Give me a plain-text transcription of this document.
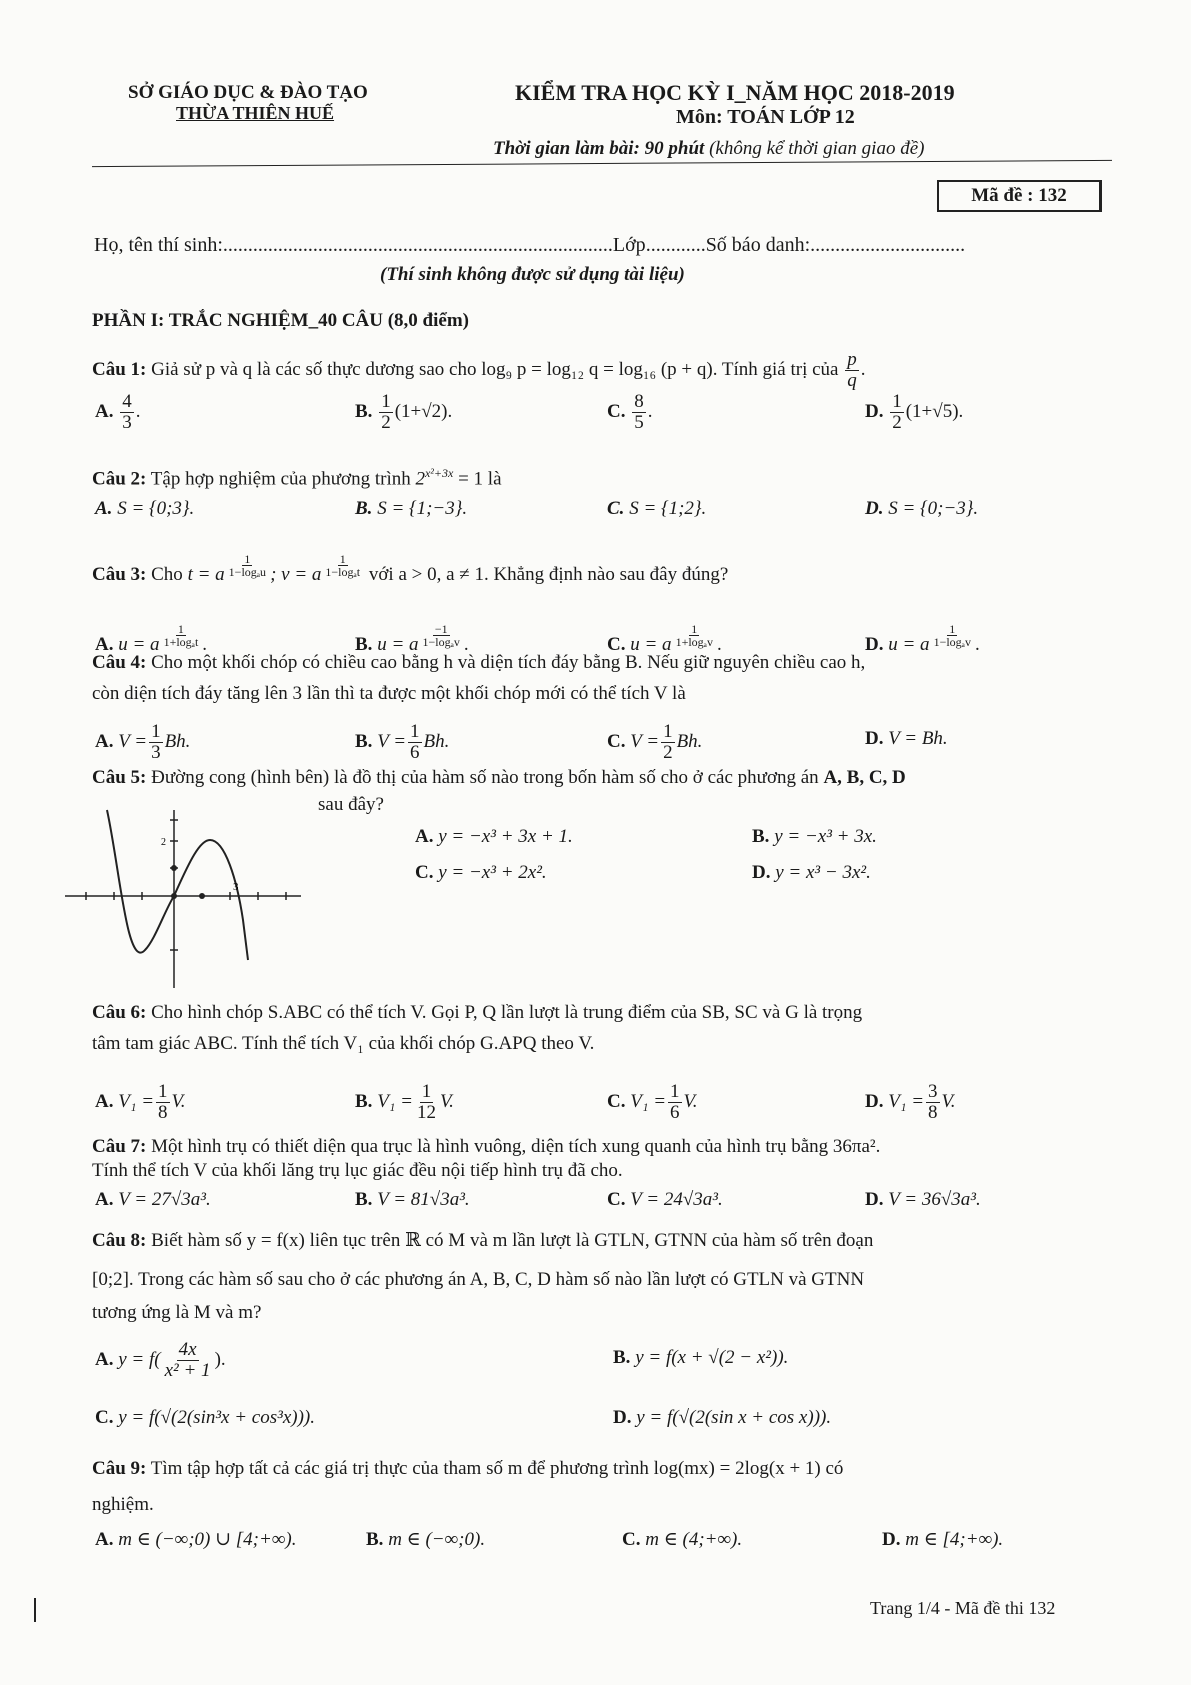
SỞ GIÁO DỤC & ĐÀO TẠO
THỪA THIÊN HUẾ
KIỂM TRA HỌC KỲ I_NĂM HỌC 2018-2019
Môn: TOÁN LỚP 12
Thời gian làm bài: 90 phút (không kể thời gian giao đề)
Mã đề : 132
Họ, tên thí sinh:..............................................................................Lớp............Số báo danh:...............................
(Thí sinh không được sử dụng tài liệu)
PHẦN I: TRẮC NGHIỆM_40 CÂU (8,0 điểm)
Câu 1: Giả sử p và q là các số thực dương sao cho log₉ p = log₁₂ q = log₁₆ (p + q). Tính giá trị của $\frac{p}{q}$ .
A. $\frac{4}{3}$ .	B. $\frac{1}{2} (1+√2)$.	C. $\frac{8}{5}$ .	D. $\frac{1}{2} (1+√5)$.
Câu 2: Tập hợp nghiệm của phương trình $2^{x^2+3x} = 1$ là
A. S = {0;3}.	B. S = {1;−3}.	C. S = {1;2}.	D. S = {0;−3}.
Câu 3: Cho t = a $^{\frac{1}{\text{1−logₐu}}}$ ; v = a $^{\frac{1}{\text{1−logₐt}}}$ với a > 0, a ≠ 1. Khẳng định nào sau đây đúng?
A. u = a $^{\frac{1}{\text{1+logₐt}}}$ .	B. u = a $^{\frac{-1}{\text{1−logₐv}}}$ .	C. u = a $^{\frac{1}{\text{1+logₐv}}}$ .	D. u = a $^{\frac{1}{\text{1−logₐv}}}$ .
Câu 4: Cho một khối chóp có chiều cao bằng h và diện tích đáy bằng B. Nếu giữ nguyên chiều cao h,
còn diện tích đáy tăng lên 3 lần thì ta được một khối chóp mới có thể tích V là
A. $V = \frac{1}{3} Bh$.	B. $V = \frac{1}{6} Bh$.	C. $V = \frac{1}{2} Bh$.	D. V = Bh.
Câu 5: Đường cong (hình bên) là đồ thị của hàm số nào trong bốn hàm số cho ở các phương án A, B, C, D
sau đây?
2
3
A. y = −x³ + 3x + 1.	B. y = −x³ + 3x.
C. y = −x³ + 2x².	D. y = x³ − 3x².
Câu 6: Cho hình chóp S.ABC có thể tích V. Gọi P, Q lần lượt là trung điểm của SB, SC và G là trọng
tâm tam giác ABC. Tính thể tích V₁ của khối chóp G.APQ theo V.
A. $V_1 = \frac{1}{8} V$.	B. $V_1 = \frac{1}{12} V$.	C. $V_1 = \frac{1}{6} V$.	D. $V_1 = \frac{3}{8} V$.
Câu 7: Một hình trụ có thiết diện qua trục là hình vuông, diện tích xung quanh của hình trụ bằng 36πa².
Tính thể tích V của khối lăng trụ lục giác đều nội tiếp hình trụ đã cho.
A. V = 27√3a³.	B. V = 81√3a³.	C. V = 24√3a³.	D. V = 36√3a³.
Câu 8: Biết hàm số y = f(x) liên tục trên ℝ có M và m lần lượt là GTLN, GTNN của hàm số trên đoạn
[0;2]. Trong các hàm số sau cho ở các phương án A, B, C, D hàm số nào lần lượt có GTLN và GTNN
tương ứng là M và m?
A. $y = f( \frac{4x}{\text{x² + 1}}$ ).	B. y = f(x + √(2 − x²)).
C. y = f(√(2(sin³x + cos³x))).	D. y = f(√(2(sin x + cos x))).
Câu 9: Tìm tập hợp tất cả các giá trị thực của tham số m để phương trình log(mx) = 2log(x + 1) có
nghiệm.
A. m ∈ (−∞;0) ∪ [4;+∞).	B. m ∈ (−∞;0).	C. m ∈ (4;+∞).	D. m ∈ [4;+∞).
Trang 1/4 - Mã đề thi 132
